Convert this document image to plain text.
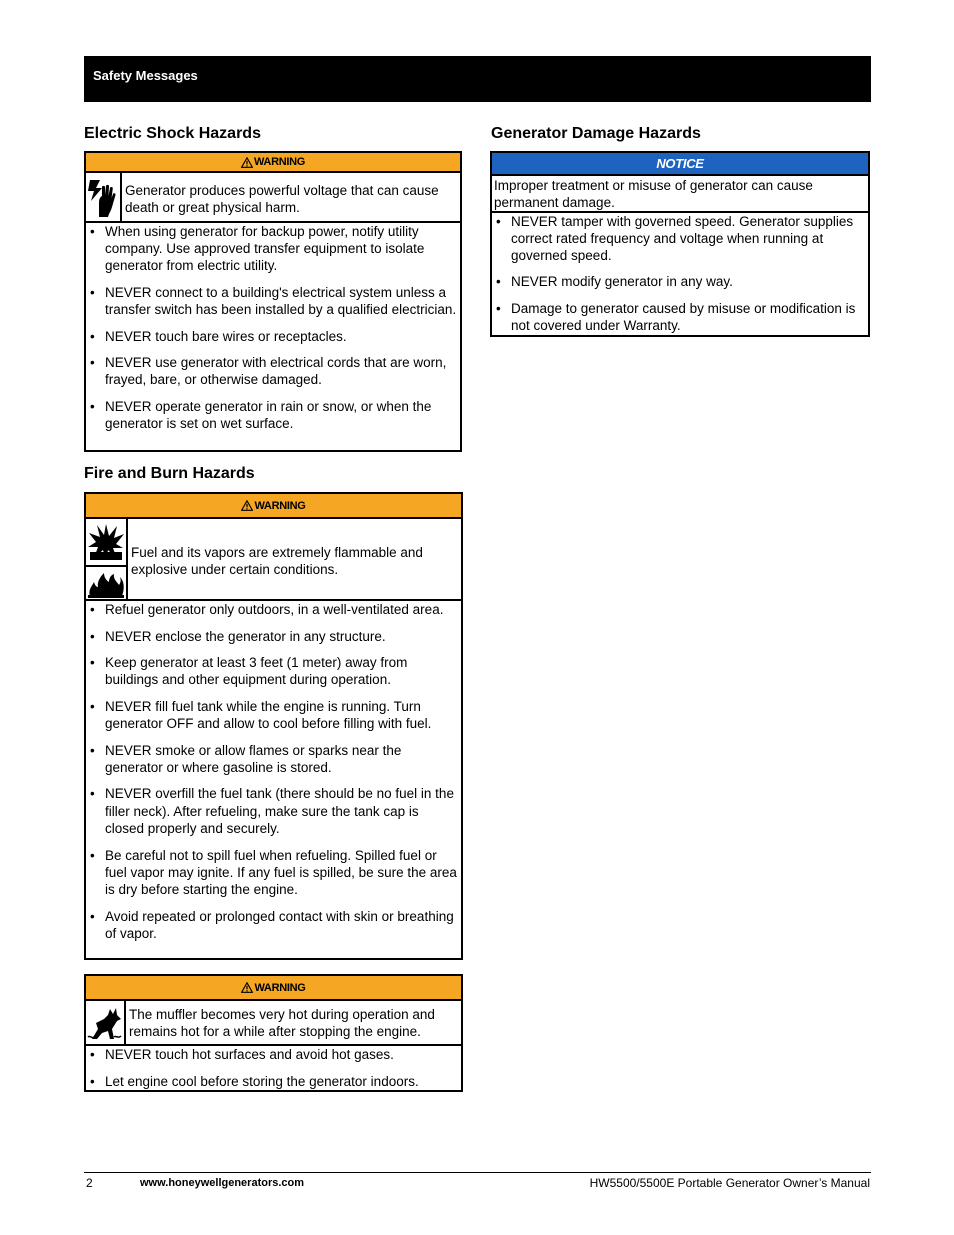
Safety Messages
Electric Shock Hazards
WARNING
Generator produces powerful voltage that can cause death or great physical harm.
• When using generator for backup power, notify utility company. Use approved transfer equipment to isolate generator from electric utility.
• NEVER connect to a building's electrical system unless a transfer switch has been installed by a qualified electrician.
• NEVER touch bare wires or receptacles.
• NEVER use generator with electrical cords that are worn, frayed, bare, or otherwise damaged.
• NEVER operate generator in rain or snow, or when the generator is set on wet surface.
Fire and Burn Hazards
WARNING
Fuel and its vapors are extremely flammable and explosive under certain conditions.
• Refuel generator only outdoors, in a well-ventilated area.
• NEVER enclose the generator in any structure.
• Keep generator at least 3 feet (1 meter) away from buildings and other equipment during operation.
• NEVER fill fuel tank while the engine is running. Turn generator OFF and allow to cool before filling with fuel.
• NEVER smoke or allow flames or sparks near the generator or where gasoline is stored.
• NEVER overfill the fuel tank (there should be no fuel in the filler neck). After refueling, make sure the tank cap is closed properly and securely.
• Be careful not to spill fuel when refueling. Spilled fuel or fuel vapor may ignite. If any fuel is spilled, be sure the area is dry before starting the engine.
• Avoid repeated or prolonged contact with skin or breathing of vapor.
WARNING
The muffler becomes very hot during operation and remains hot for a while after stopping the engine.
• NEVER touch hot surfaces and avoid hot gases.
• Let engine cool before storing the generator indoors.
Generator Damage Hazards
NOTICE
Improper treatment or misuse of generator can cause permanent damage.
• NEVER tamper with governed speed. Generator supplies correct rated frequency and voltage when running at governed speed.
• NEVER modify generator in any way.
• Damage to generator caused by misuse or modification is not covered under Warranty.
2	www.honeywellgenerators.com	HW5500/5500E Portable Generator Owner’s Manual
